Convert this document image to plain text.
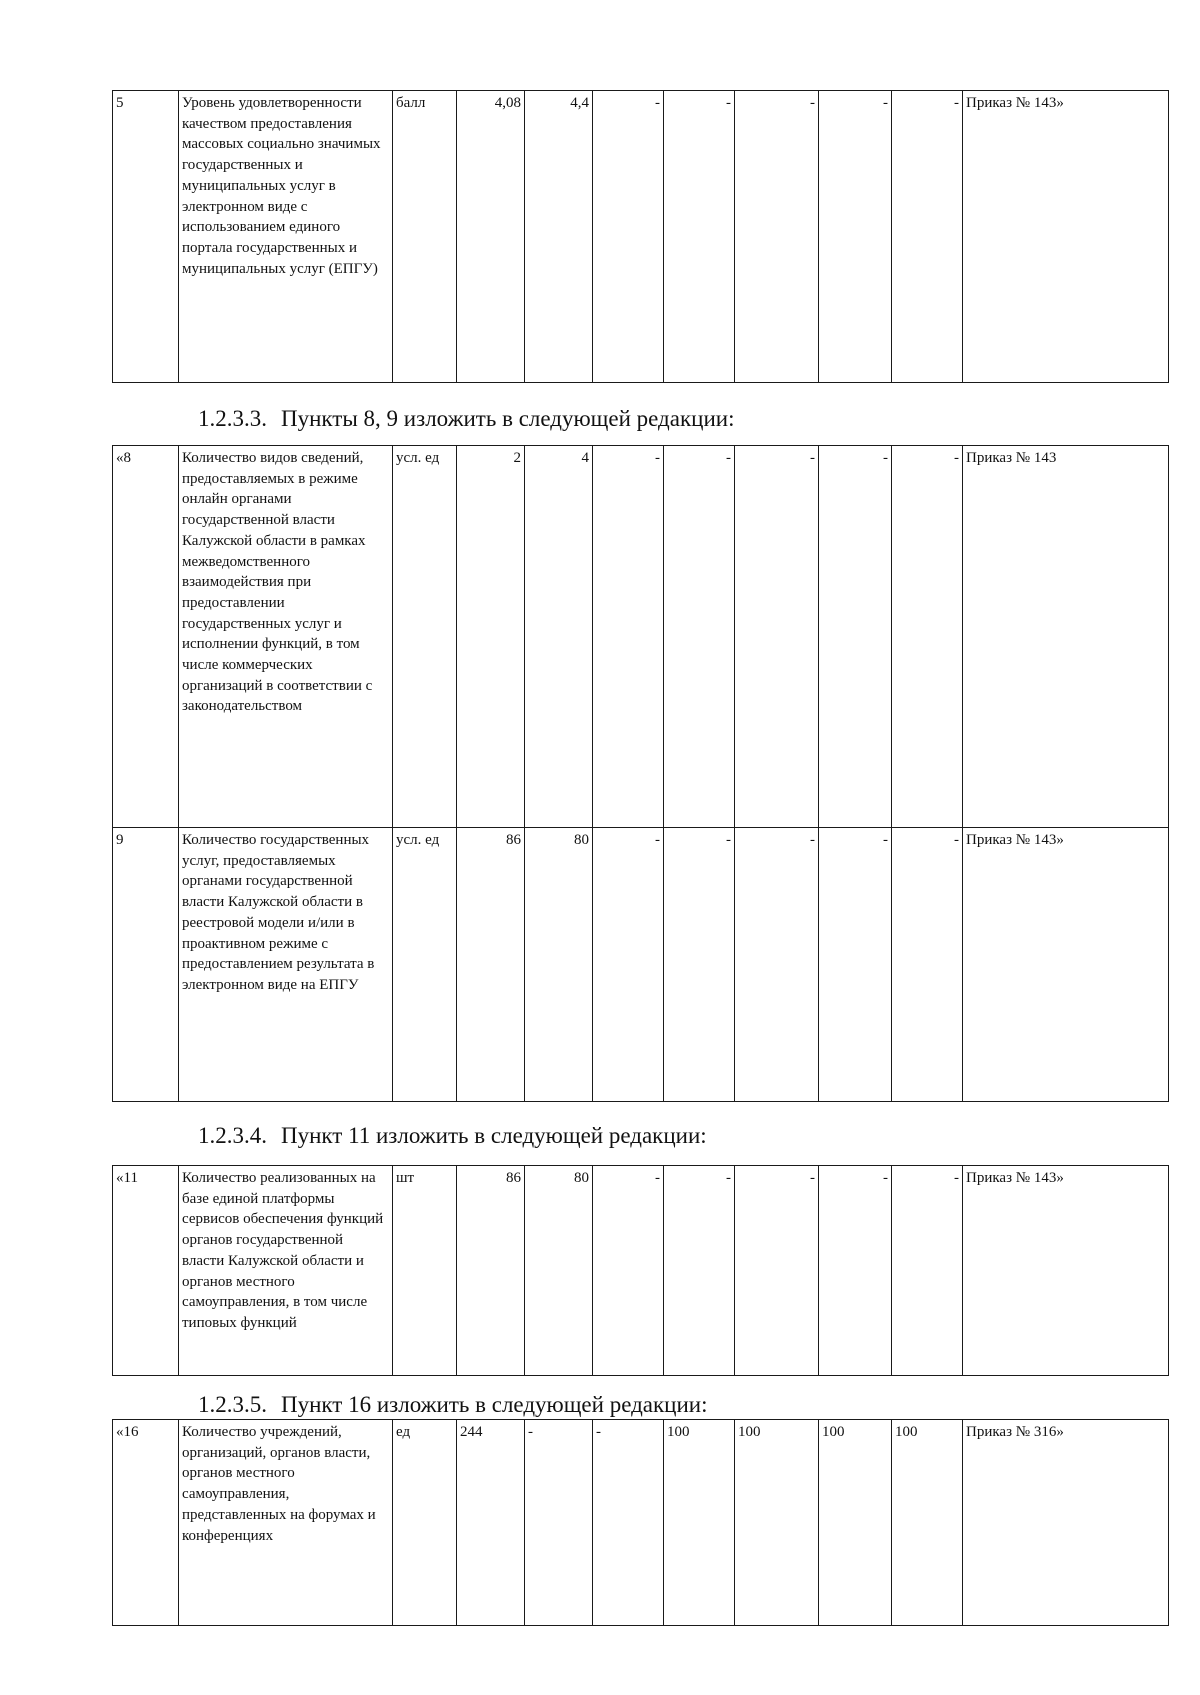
5	Уровень удовлетворенности качеством предоставления массовых социально значимых государственных и муниципальных услуг в электронном виде с использованием единого портала государственных и муниципальных услуг (ЕПГУ)	балл	4,08	4,4	-	-	-	-	-	Приказ № 143»
1.2.3.3. Пункты 8, 9 изложить в следующей редакции:
«8	Количество видов сведений, предоставляемых в режиме онлайн органами государственной власти Калужской области в рамках межведомственного взаимодействия при предоставлении государственных услуг и исполнении функций, в том числе коммерческих организаций в соответствии с законодательством	усл. ед	2	4	-	-	-	-	-	Приказ № 143
9	Количество государственных услуг, предоставляемых органами государственной власти Калужской области в реестровой модели и/или в проактивном режиме с предоставлением результата в электронном виде на ЕПГУ	усл. ед	86	80	-	-	-	-	-	Приказ № 143»
1.2.3.4. Пункт 11 изложить в следующей редакции:
«11	Количество реализованных на базе единой платформы сервисов обеспечения функций органов государственной власти Калужской области и органов местного самоуправления, в том числе типовых функций	шт	86	80	-	-	-	-	-	Приказ № 143»
1.2.3.5. Пункт 16 изложить в следующей редакции:
«16	Количество учреждений, организаций, органов власти, органов местного самоуправления, представленных на форумах и конференциях	ед	244	-	-	100	100	100	100	Приказ № 316»
